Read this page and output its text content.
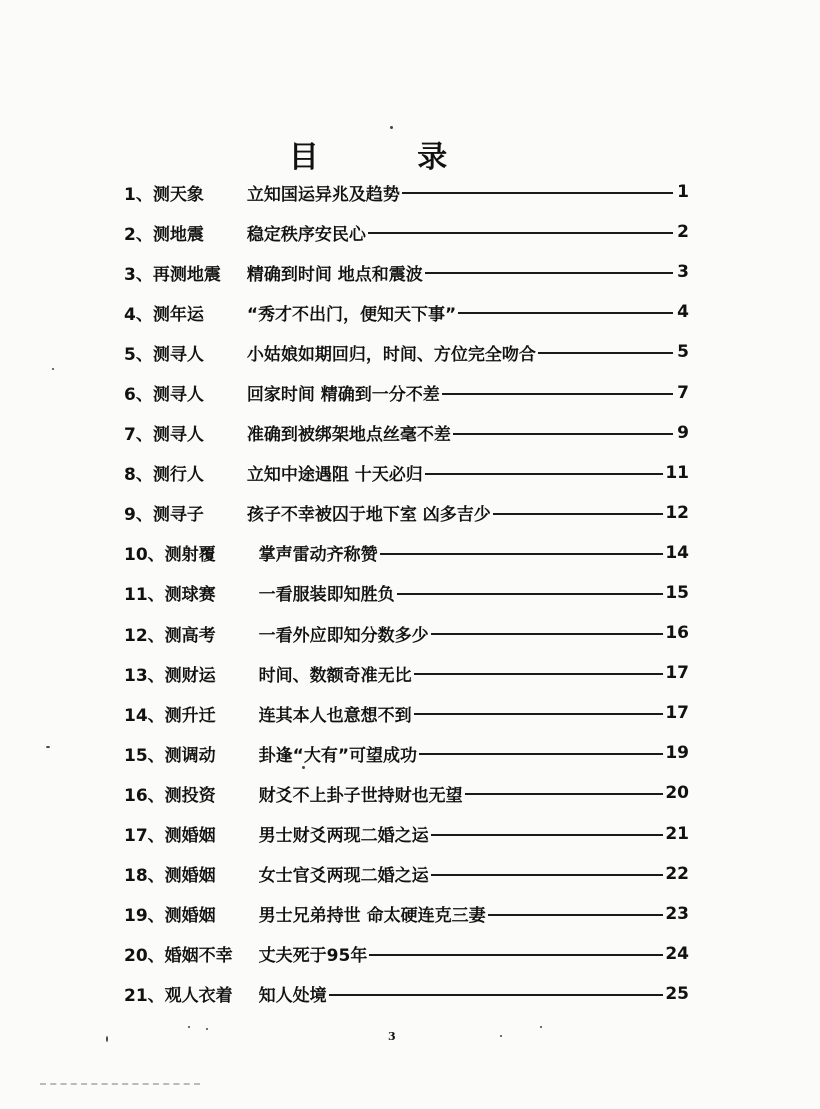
目 录
1、 测天象	立知国运异兆及趋势	1
2、 测地震	稳定秩序安民心	2
3、 再测地震	精确到时间 地点和震波	3
4、 测年运	“秀才不出门，便知天下事”	4
5、 测寻人	小姑娘如期回归，时间、方位完全吻合	5
6、 测寻人	回家时间 精确到一分不差	7
7、 测寻人	准确到被绑架地点丝毫不差	9
8、 测行人	立知中途遇阻 十天必归	11
9、 测寻子	孩子不幸被囚于地下室 凶多吉少	12
10、 测射覆	掌声雷动齐称赞	14
11、 测球赛	一看服装即知胜负	15
12、 测高考	一看外应即知分数多少	16
13、 测财运	时间、数额奇准无比	17
14、 测升迁	连其本人也意想不到	17
15、 测调动	卦逢“大有”可望成功	19
16、 测投资	财爻不上卦子世持财也无望	20
17、 测婚姻	男士财爻两现二婚之运	21
18、 测婚姻	女士官爻两现二婚之运	22
19、 测婚姻	男士兄弟持世 命太硬连克三妻	23
20、 婚姻不幸	丈夫死于95年	24
21、 观人衣着	知人处境	25
3
